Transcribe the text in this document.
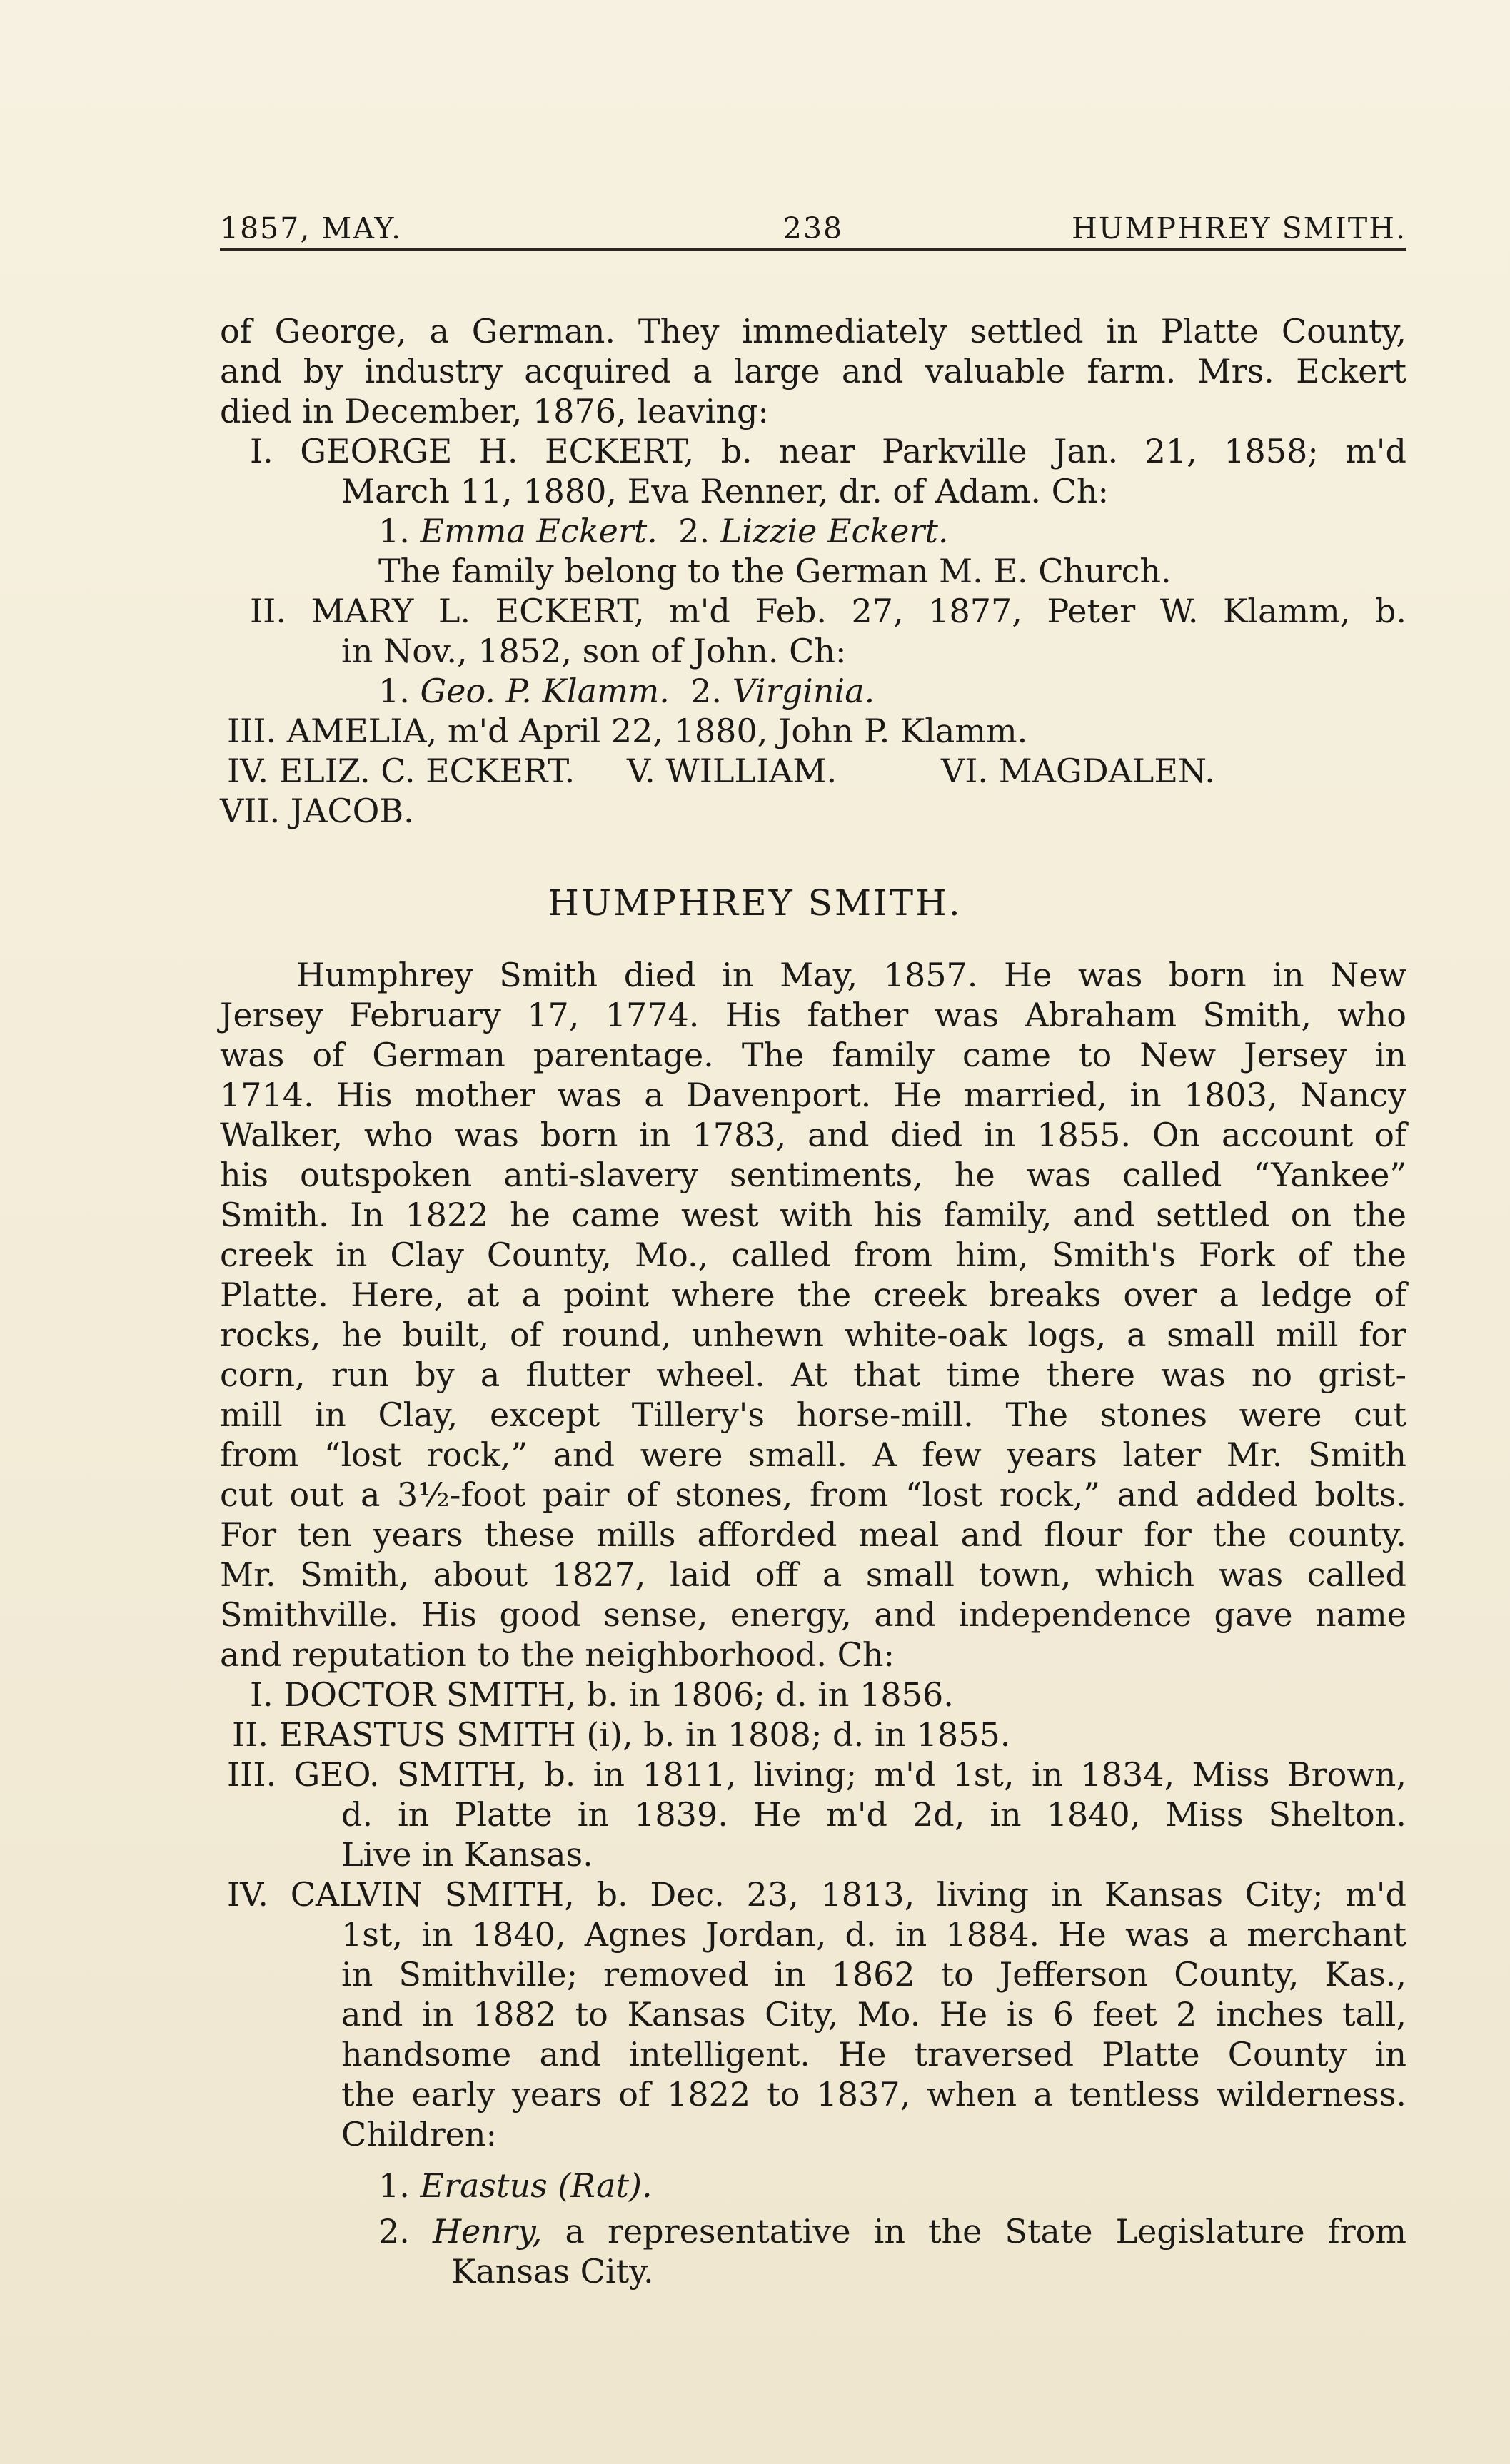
1857, MAY.	238	HUMPHREY SMITH.
of George, a German. They immediately settled in Platte County,
and by industry acquired a large and valuable farm. Mrs. Eckert
died in December, 1876, leaving:
I. GEORGE H. ECKERT, b. near Parkville Jan. 21, 1858; m'd
March 11, 1880, Eva Renner, dr. of Adam. Ch:
1. Emma Eckert. 2. Lizzie Eckert.
The family belong to the German M. E. Church.
II. MARY L. ECKERT, m'd Feb. 27, 1877, Peter W. Klamm, b.
in Nov., 1852, son of John. Ch:
1. Geo. P. Klamm. 2. Virginia.
III. AMELIA, m'd April 22, 1880, John P. Klamm.
IV. ELIZ. C. ECKERT. V. WILLIAM.	VI. MAGDALEN.
VII. JACOB.
HUMPHREY SMITH.
Humphrey Smith died in May, 1857. He was born in New
Jersey February 17, 1774. His father was Abraham Smith, who
was of German parentage. The family came to New Jersey in
1714. His mother was a Davenport. He married, in 1803, Nancy
Walker, who was born in 1783, and died in 1855. On account of
his outspoken anti-slavery sentiments, he was called “Yankee”
Smith. In 1822 he came west with his family, and settled on the
creek in Clay County, Mo., called from him, Smith's Fork of the
Platte. Here, at a point where the creek breaks over a ledge of
rocks, he built, of round, unhewn white-oak logs, a small mill for
corn, run by a flutter wheel. At that time there was no grist-
mill in Clay, except Tillery's horse-mill. The stones were cut
from “lost rock,” and were small. A few years later Mr. Smith
cut out a 3½-foot pair of stones, from “lost rock,” and added bolts.
For ten years these mills afforded meal and flour for the county.
Mr. Smith, about 1827, laid off a small town, which was called
Smithville. His good sense, energy, and independence gave name
and reputation to the neighborhood. Ch:
I. DOCTOR SMITH, b. in 1806; d. in 1856.
II. ERASTUS SMITH (i), b. in 1808; d. in 1855.
III. GEO. SMITH, b. in 1811, living; m'd 1st, in 1834, Miss Brown,
d. in Platte in 1839. He m'd 2d, in 1840, Miss Shelton.
Live in Kansas.
IV. CALVIN SMITH, b. Dec. 23, 1813, living in Kansas City; m'd
1st, in 1840, Agnes Jordan, d. in 1884. He was a merchant
in Smithville; removed in 1862 to Jefferson County, Kas.,
and in 1882 to Kansas City, Mo. He is 6 feet 2 inches tall,
handsome and intelligent. He traversed Platte County in
the early years of 1822 to 1837, when a tentless wilderness.
Children:
1. Erastus (Rat).
2. Henry, a representative in the State Legislature from
Kansas City.
